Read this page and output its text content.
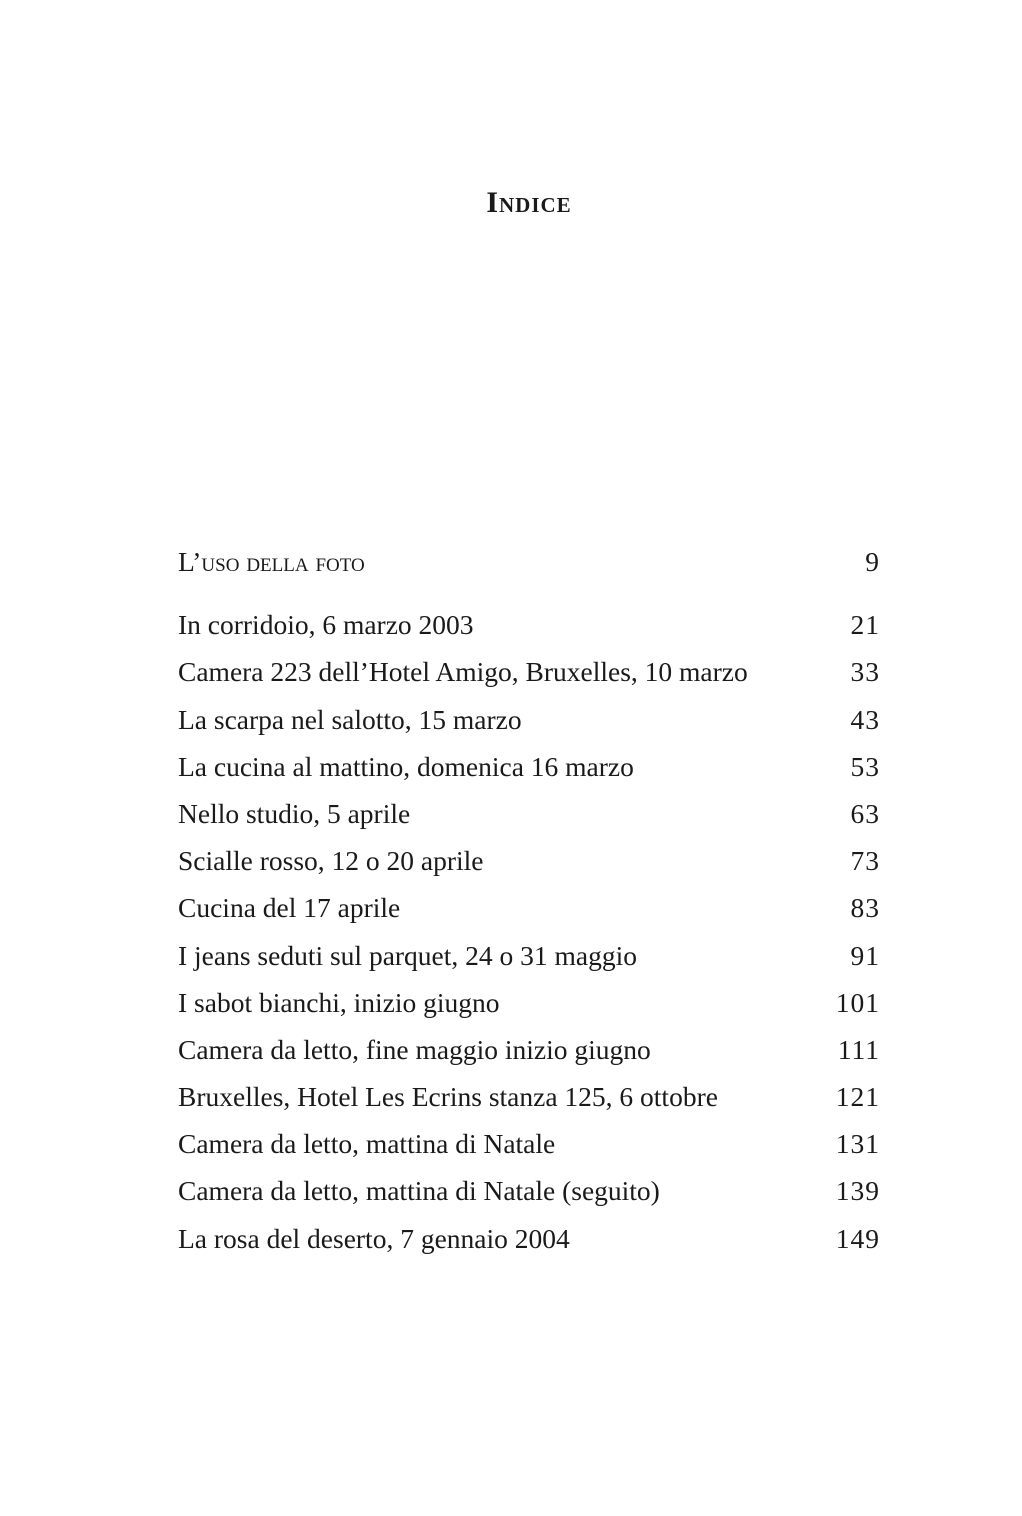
Indice
L’uso della foto	9
In corridoio, 6 marzo 2003	21
Camera 223 dell’Hotel Amigo, Bruxelles, 10 marzo	33
La scarpa nel salotto, 15 marzo	43
La cucina al mattino, domenica 16 marzo	53
Nello studio, 5 aprile	63
Scialle rosso, 12 o 20 aprile	73
Cucina del 17 aprile	83
I jeans seduti sul parquet, 24 o 31 maggio	91
I sabot bianchi, inizio giugno	101
Camera da letto, fine maggio inizio giugno	111
Bruxelles, Hotel Les Ecrins stanza 125, 6 ottobre	121
Camera da letto, mattina di Natale	131
Camera da letto, mattina di Natale (seguito)	139
La rosa del deserto, 7 gennaio 2004	149
